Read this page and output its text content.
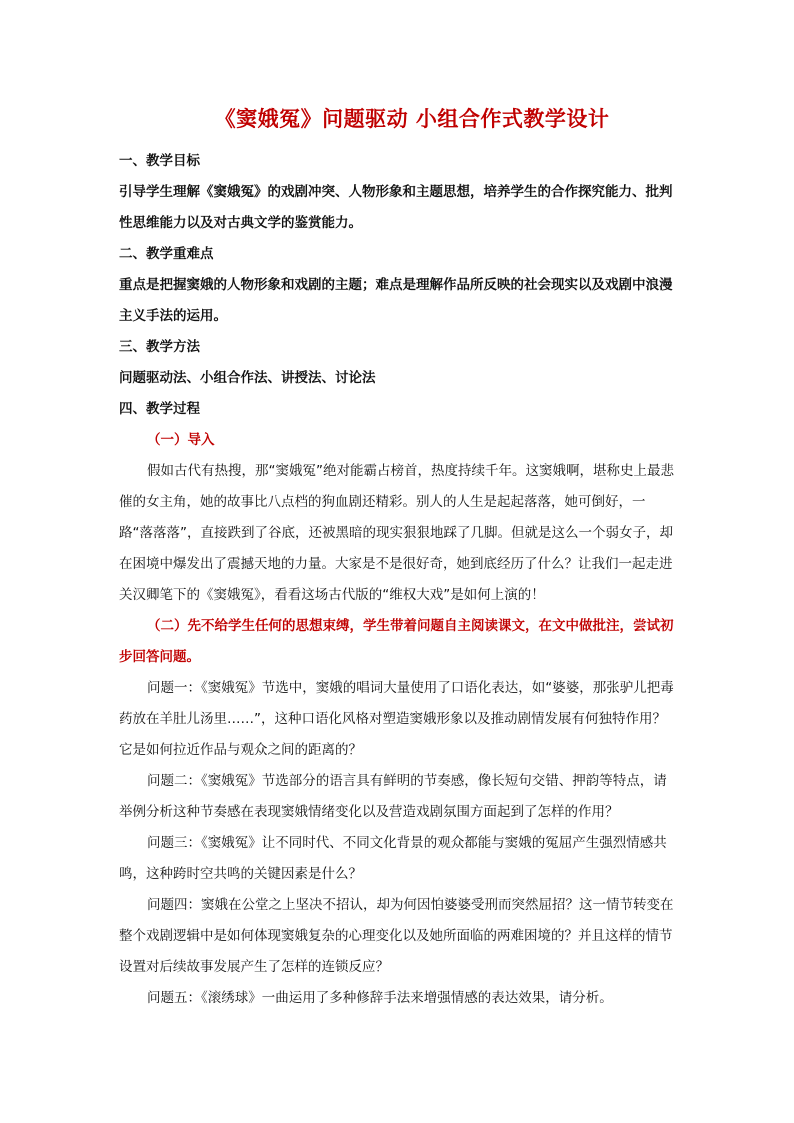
《窦娥冤》问题驱动 小组合作式教学设计

一、教学目标

引导学生理解《窦娥冤》的戏剧冲突、人物形象和主题思想，培养学生的合作探究能力、批判性思维能力以及对古典文学的鉴赏能力。

二、教学重难点

重点是把握窦娥的人物形象和戏剧的主题；难点是理解作品所反映的社会现实以及戏剧中浪漫主义手法的运用。

三、教学方法

问题驱动法、小组合作法、讲授法、讨论法

四、教学过程

（一）导入

假如古代有热搜，那“窦娥冤”绝对能霸占榜首，热度持续千年。这窦娥啊，堪称史上最悲催的女主角，她的故事比八点档的狗血剧还精彩。别人的人生是起起落落，她可倒好，一路“落落落”，直接跌到了谷底，还被黑暗的现实狠狠地踩了几脚。但就是这么一个弱女子，却在困境中爆发出了震撼天地的力量。大家是不是很好奇，她到底经历了什么？让我们一起走进关汉卿笔下的《窦娥冤》，看看这场古代版的“维权大戏”是如何上演的！

（二）先不给学生任何的思想束缚，学生带着问题自主阅读课文，在文中做批注，尝试初步回答问题。

问题一：《窦娥冤》节选中，窦娥的唱词大量使用了口语化表达，如“婆婆，那张驴儿把毒药放在羊肚儿汤里……”，这种口语化风格对塑造窦娥形象以及推动剧情发展有何独特作用？它是如何拉近作品与观众之间的距离的？

问题二：《窦娥冤》节选部分的语言具有鲜明的节奏感，像长短句交错、押韵等特点，请举例分析这种节奏感在表现窦娥情绪变化以及营造戏剧氛围方面起到了怎样的作用？

问题三：《窦娥冤》让不同时代、不同文化背景的观众都能与窦娥的冤屈产生强烈情感共鸣，这种跨时空共鸣的关键因素是什么？

问题四：窦娥在公堂之上坚决不招认，却为何因怕婆婆受刑而突然屈招？这一情节转变在整个戏剧逻辑中是如何体现窦娥复杂的心理变化以及她所面临的两难困境的？并且这样的情节设置对后续故事发展产生了怎样的连锁反应？

问题五：《滚绣球》一曲运用了多种修辞手法来增强情感的表达效果，请分析。
